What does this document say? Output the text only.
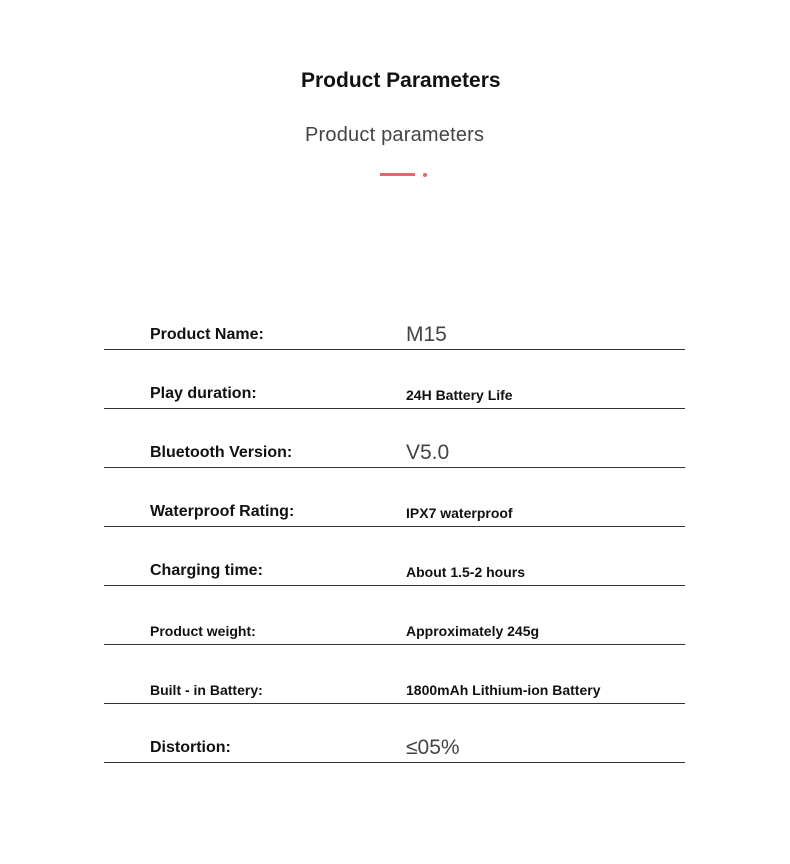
Product Parameters
Product parameters
Product Name:	M15
Play duration:	24H Battery Life
Bluetooth Version:	V5.0
Waterproof Rating:	IPX7 waterproof
Charging time:	About 1.5-2 hours
Product weight:	Approximately 245g
Built - in Battery:	1800mAh Lithium-ion Battery
Distortion:	≤05%
